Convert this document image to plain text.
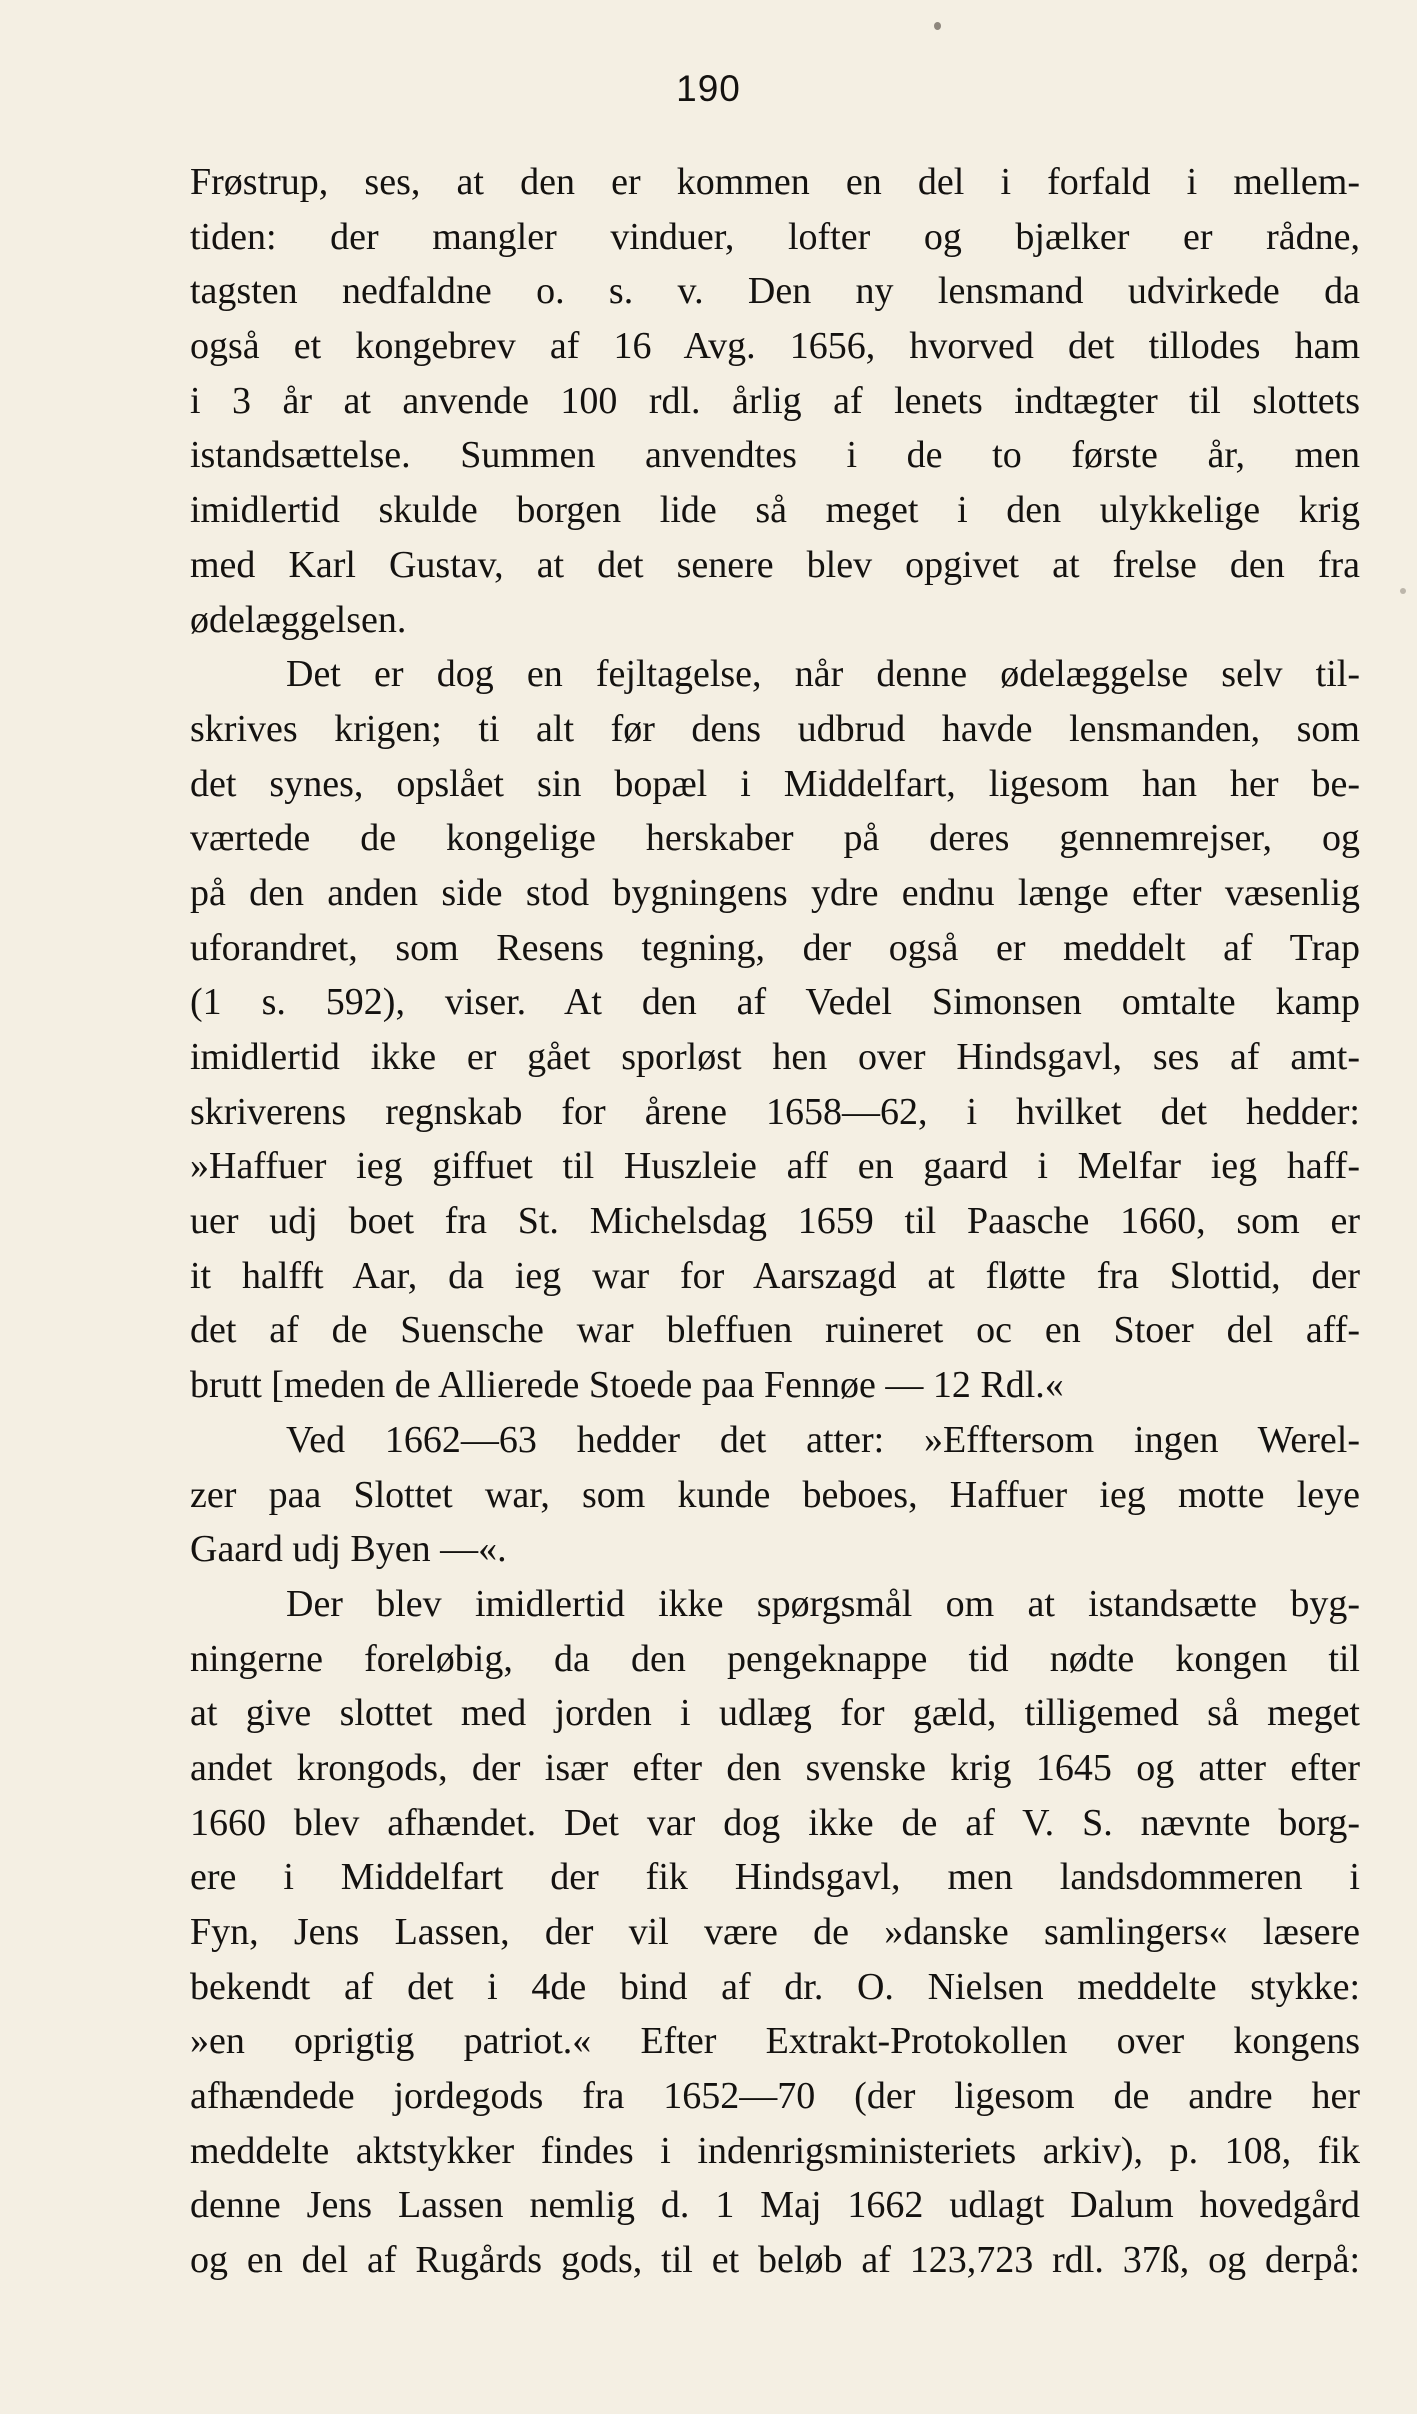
190
Frøstrup, ses, at den er kommen en del i forfald i mellem-
tiden: der mangler vinduer, lofter og bjælker er rådne,
tagsten nedfaldne o. s. v. Den ny lensmand udvirkede da
også et kongebrev af 16 Avg. 1656, hvorved det tillodes ham
i 3 år at anvende 100 rdl. årlig af lenets indtægter til slottets
istandsættelse. Summen anvendtes i de to første år, men
imidlertid skulde borgen lide så meget i den ulykkelige krig
med Karl Gustav, at det senere blev opgivet at frelse den fra
ødelæggelsen.
Det er dog en fejltagelse, når denne ødelæggelse selv til-
skrives krigen; ti alt før dens udbrud havde lensmanden, som
det synes, opslået sin bopæl i Middelfart, ligesom han her be-
værtede de kongelige herskaber på deres gennemrejser, og
på den anden side stod bygningens ydre endnu længe efter væsenlig
uforandret, som Resens tegning, der også er meddelt af Trap
(1 s. 592), viser. At den af Vedel Simonsen omtalte kamp
imidlertid ikke er gået sporløst hen over Hindsgavl, ses af amt-
skriverens regnskab for årene 1658—62, i hvilket det hedder:
»Haffuer ieg giffuet til Huszleie aff en gaard i Melfar ieg haff-
uer udj boet fra St. Michelsdag 1659 til Paasche 1660, som er
it halfft Aar, da ieg war for Aarszagd at fløtte fra Slottid, der
det af de Suensche war bleffuen ruineret oc en Stoer del aff-
brutt [meden de Allierede Stoede paa Fennøe — 12 Rdl.«
Ved 1662—63 hedder det atter: »Efftersom ingen Werel-
zer paa Slottet war, som kunde beboes, Haffuer ieg motte leye
Gaard udj Byen —«.
Der blev imidlertid ikke spørgsmål om at istandsætte byg-
ningerne foreløbig, da den pengeknappe tid nødte kongen til
at give slottet med jorden i udlæg for gæld, tilligemed så meget
andet krongods, der især efter den svenske krig 1645 og atter efter
1660 blev afhændet. Det var dog ikke de af V. S. nævnte borg-
ere i Middelfart der fik Hindsgavl, men landsdommeren i
Fyn, Jens Lassen, der vil være de »danske samlingers« læsere
bekendt af det i 4de bind af dr. O. Nielsen meddelte stykke:
»en oprigtig patriot.« Efter Extrakt-Protokollen over kongens
afhændede jordegods fra 1652—70 (der ligesom de andre her
meddelte aktstykker findes i indenrigsministeriets arkiv), p. 108, fik
denne Jens Lassen nemlig d. 1 Maj 1662 udlagt Dalum hovedgård
og en del af Rugårds gods, til et beløb af 123,723 rdl. 37ß, og derpå:
